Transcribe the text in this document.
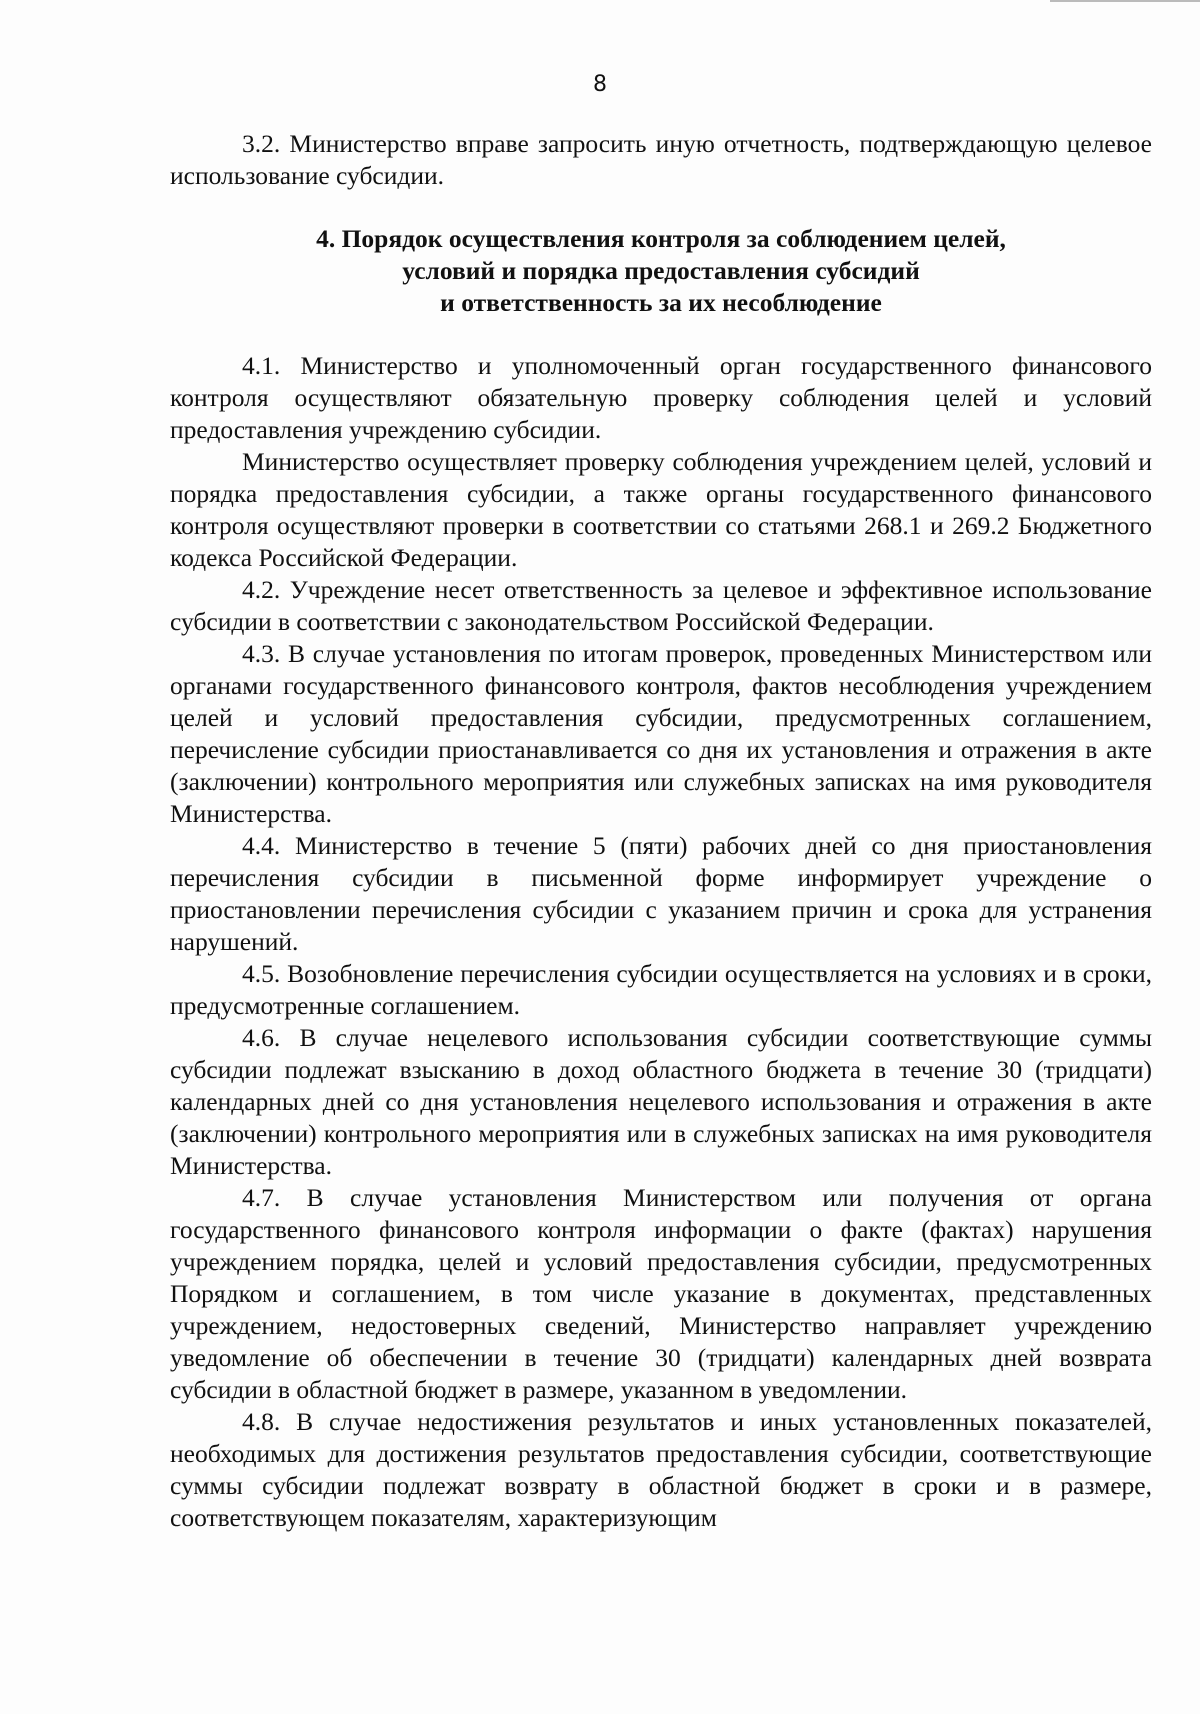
8

3.2. Министерство вправе запросить иную отчетность, подтверждающую целевое использование субсидии.

4. Порядок осуществления контроля за соблюдением целей,
условий и порядка предоставления субсидий
и ответственность за их несоблюдение

4.1. Министерство и уполномоченный орган государственного финансового контроля осуществляют обязательную проверку соблюдения целей и условий предоставления учреждению субсидии.

Министерство осуществляет проверку соблюдения учреждением целей, условий и порядка предоставления субсидии, а также органы государственного финансового контроля осуществляют проверки в соответствии со статьями 268.1 и 269.2 Бюджетного кодекса Российской Федерации.

4.2. Учреждение несет ответственность за целевое и эффективное использование субсидии в соответствии с законодательством Российской Федерации.

4.3. В случае установления по итогам проверок, проведенных Министерством или органами государственного финансового контроля, фактов несоблюдения учреждением целей и условий предоставления субсидии, предусмотренных соглашением, перечисление субсидии приостанавливается со дня их установления и отражения в акте (заключении) контрольного мероприятия или служебных записках на имя руководителя Министерства.

4.4. Министерство в течение 5 (пяти) рабочих дней со дня приостановления перечисления субсидии в письменной форме информирует учреждение о приостановлении перечисления субсидии с указанием причин и срока для устранения нарушений.

4.5. Возобновление перечисления субсидии осуществляется на условиях и в сроки, предусмотренные соглашением.

4.6. В случае нецелевого использования субсидии соответствующие суммы субсидии подлежат взысканию в доход областного бюджета в течение 30 (тридцати) календарных дней со дня установления нецелевого использования и отражения в акте (заключении) контрольного мероприятия или в служебных записках на имя руководителя Министерства.

4.7. В случае установления Министерством или получения от органа государственного финансового контроля информации о факте (фактах) нарушения учреждением порядка, целей и условий предоставления субсидии, предусмотренных Порядком и соглашением, в том числе указание в документах, представленных учреждением, недостоверных сведений, Министерство направляет учреждению уведомление об обеспечении в течение 30 (тридцати) календарных дней возврата субсидии в областной бюджет в размере, указанном в уведомлении.

4.8. В случае недостижения результатов и иных установленных показателей, необходимых для достижения результатов предоставления субсидии, соответствующие суммы субсидии подлежат возврату в областной бюджет в сроки и в размере, соответствующем показателям, характеризующим
